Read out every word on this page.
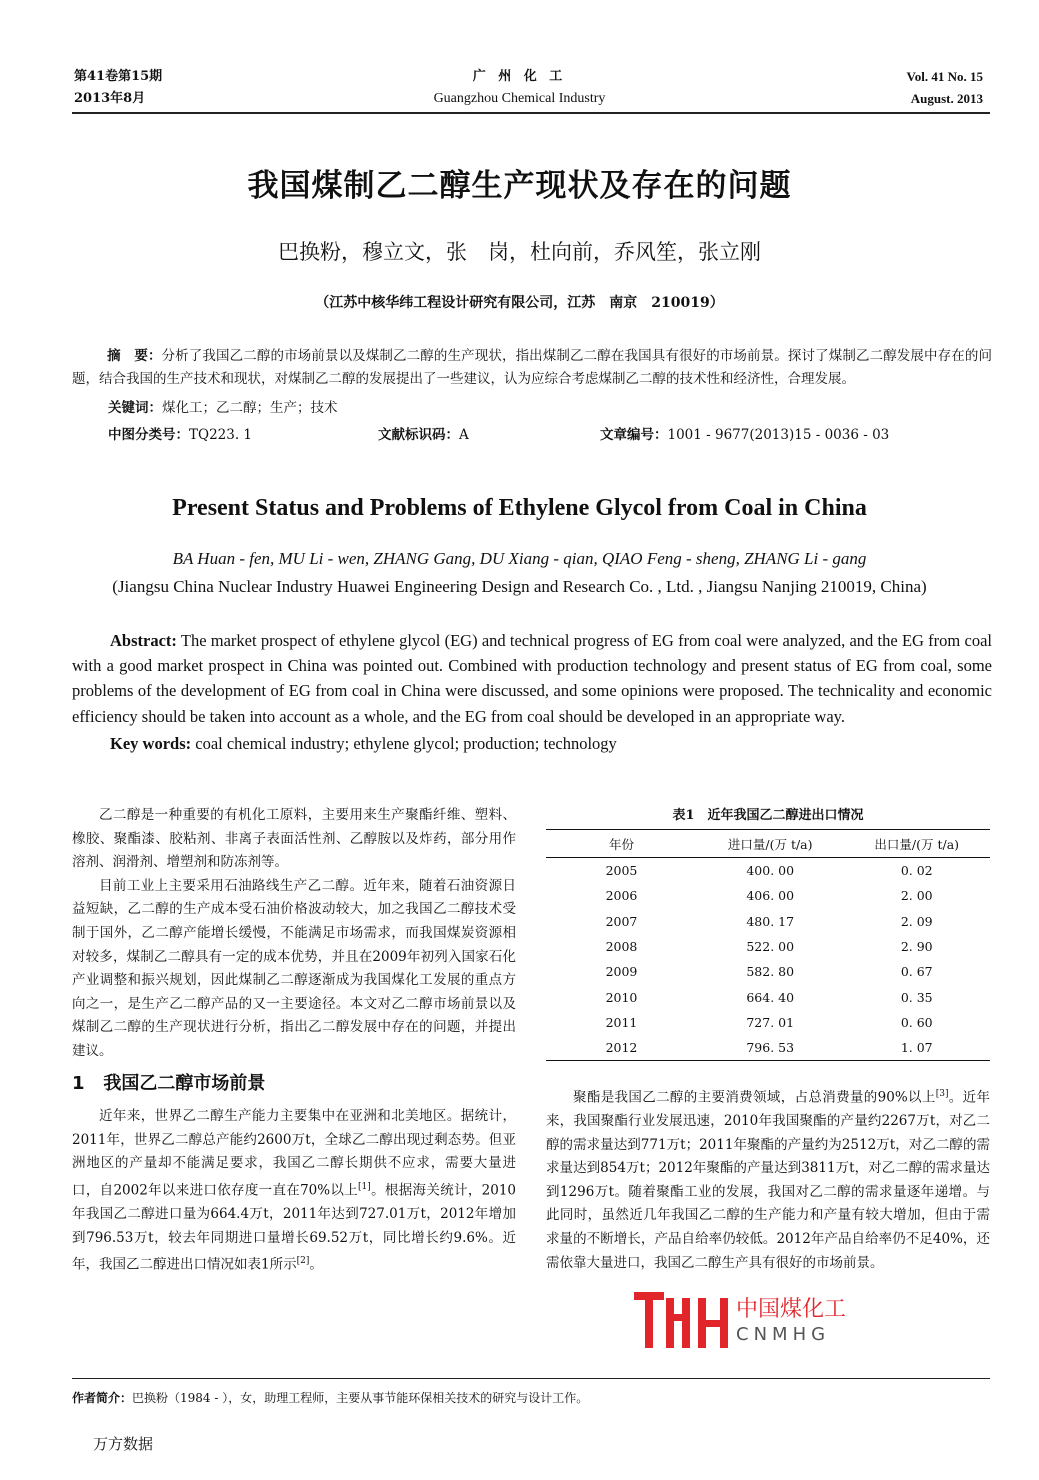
第41卷第15期
2013年8月
广 州 化 工
Guangzhou Chemical Industry
Vol. 41 No. 15
August. 2013
我国煤制乙二醇生产现状及存在的问题
巴换粉，穆立文，张　岗，杜向前，乔风笙，张立刚
（江苏中核华纬工程设计研究有限公司，江苏　南京　210019）
摘　要：分析了我国乙二醇的市场前景以及煤制乙二醇的生产现状，指出煤制乙二醇在我国具有很好的市场前景。探讨了煤制乙二醇发展中存在的问题，结合我国的生产技术和现状，对煤制乙二醇的发展提出了一些建议，认为应综合考虑煤制乙二醇的技术性和经济性，合理发展。
关键词：煤化工；乙二醇；生产；技术
中图分类号：TQ223. 1	文献标识码：A	文章编号：1001 - 9677(2013)15 - 0036 - 03
Present Status and Problems of Ethylene Glycol from Coal in China
BA Huan - fen, MU Li - wen, ZHANG Gang, DU Xiang - qian, QIAO Feng - sheng, ZHANG Li - gang
(Jiangsu China Nuclear Industry Huawei Engineering Design and Research Co. , Ltd. , Jiangsu Nanjing 210019, China)
Abstract: The market prospect of ethylene glycol (EG) and technical progress of EG from coal were analyzed, and the EG from coal with a good market prospect in China was pointed out. Combined with production technology and present status of EG from coal, some problems of the development of EG from coal in China were discussed, and some opinions were proposed. The technicality and economic efficiency should be taken into account as a whole, and the EG from coal should be developed in an appropriate way.
Key words: coal chemical industry; ethylene glycol; production; technology

乙二醇是一种重要的有机化工原料，主要用来生产聚酯纤维、塑料、橡胶、聚酯漆、胶粘剂、非离子表面活性剂、乙醇胺以及炸药，部分用作溶剂、润滑剂、增塑剂和防冻剂等。

目前工业上主要采用石油路线生产乙二醇。近年来，随着石油资源日益短缺，乙二醇的生产成本受石油价格波动较大，加之我国乙二醇技术受制于国外，乙二醇产能增长缓慢，不能满足市场需求，而我国煤炭资源相对较多，煤制乙二醇具有一定的成本优势，并且在2009年初列入国家石化产业调整和振兴规划，因此煤制乙二醇逐渐成为我国煤化工发展的重点方向之一，是生产乙二醇产品的又一主要途径。本文对乙二醇市场前景以及煤制乙二醇的生产现状进行分析，指出乙二醇发展中存在的问题，并提出建议。

1 我国乙二醇市场前景

近年来，世界乙二醇生产能力主要集中在亚洲和北美地区。据统计，2011年，世界乙二醇总产能约2600万t，全球乙二醇出现过剩态势。但亚洲地区的产量却不能满足要求，我国乙二醇长期供不应求，需要大量进口，自2002年以来进口依存度一直在70%以上[1]。根据海关统计，2010年我国乙二醇进口量为664.4万t，2011年达到727.01万t，2012年增加到796.53万t，较去年同期进口量增长69.52万t，同比增长约9.6%。近年，我国乙二醇进出口情况如表1所示[2]。

表1　近年我国乙二醇进出口情况
年份	进口量/(万 t/a)	出口量/(万 t/a)
2005	400. 00	0. 02
2006	406. 00	2. 00
2007	480. 17	2. 09
2008	522. 00	2. 90
2009	582. 80	0. 67
2010	664. 40	0. 35
2011	727. 01	0. 60
2012	796. 53	1. 07

聚酯是我国乙二醇的主要消费领域，占总消费量的90%以上[3]。近年来，我国聚酯行业发展迅速，2010年我国聚酯的产量约2267万t，对乙二醇的需求量达到771万t；2011年聚酯的产量约为2512万t，对乙二醇的需求量达到854万t；2012年聚酯的产量达到3811万t，对乙二醇的需求量达到1296万t。随着聚酯工业的发展，我国对乙二醇的需求量逐年递增。与此同时，虽然近几年我国乙二醇的生产能力和产量有较大增加，但由于需求量的不断增长，产品自给率仍较低。2012年产品自给率仍不足40%，还需依靠大量进口，我国乙二醇生产具有很好的市场前景。

中国煤化工
CNMHG
作者简介：巴换粉（1984 - ），女，助理工程师，主要从事节能环保相关技术的研究与设计工作。
万方数据
